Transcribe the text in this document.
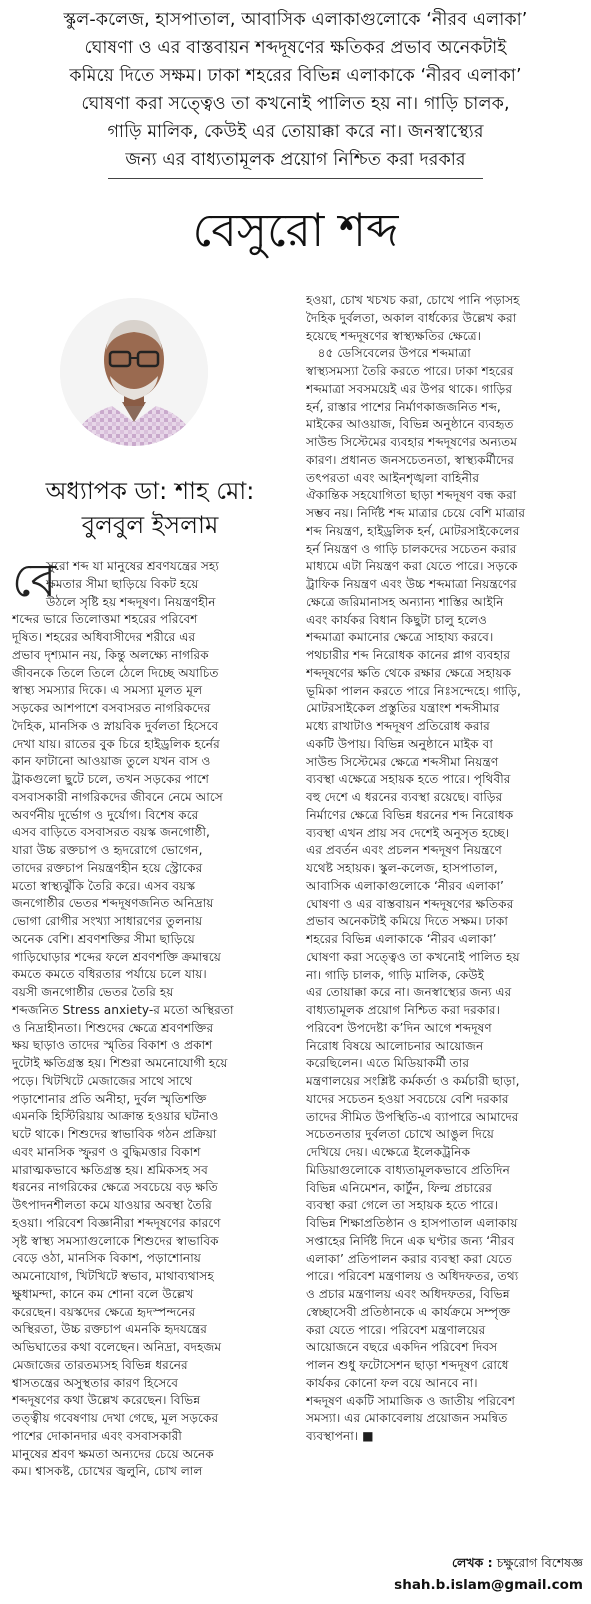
স্কুল-কলেজ, হাসপাতাল, আবাসিক এলাকাগুলোকে ‘নীরব এলাকা’
ঘোষণা ও এর বাস্তবায়ন শব্দদূষণের ক্ষতিকর প্রভাব অনেকটাই
কমিয়ে দিতে সক্ষম। ঢাকা শহরের বিভিন্ন এলাকাকে ‘নীরব এলাকা’
ঘোষণা করা সত্ত্বেও তা কখনোই পালিত হয় না। গাড়ি চালক,
গাড়ি মালিক, কেউই এর তোয়াক্কা করে না। জনস্বাস্থ্যের
জন্য এর বাধ্যতামূলক প্রয়োগ নিশ্চিত করা দরকার
বেসুরো শব্দ
অধ্যাপক ডা: শাহ মো:
বুলবুল ইসলাম
বে
সুরো শব্দ যা মানুষের শ্রবণযন্ত্রের সহ্য
ক্ষমতার সীমা ছাড়িয়ে বিকট হয়ে
উঠলে সৃষ্টি হয় শব্দদূষণ। নিয়ন্ত্রণহীন
শব্দের ভারে তিলোত্তমা শহরের পরিবেশ
দূষিত। শহরের অধিবাসীদের শরীরে এর
প্রভাব দৃশ্যমান নয়, কিন্তু অলক্ষ্যে নাগরিক
জীবনকে তিলে তিলে ঠেলে দিচ্ছে অযাচিত
স্বাস্থ্য সমস্যার দিকে। এ সমস্যা মূলত মূল
সড়কের আশপাশে বসবাসরত নাগরিকদের
দৈহিক, মানসিক ও স্নায়বিক দুর্বলতা হিসেবে
দেখা যায়। রাতের বুক চিরে হাইড্রলিক হর্নের
কান ফাটানো আওয়াজ তুলে যখন বাস ও
ট্রাকগুলো ছুটে চলে, তখন সড়কের পাশে
বসবাসকারী নাগরিকদের জীবনে নেমে আসে
অবর্ণনীয় দুর্ভোগ ও দুর্যোগ। বিশেষ করে
এসব বাড়িতে বসবাসরত বয়স্ক জনগোষ্ঠী,
যারা উচ্চ রক্তচাপ ও হৃদরোগে ভোগেন,
তাদের রক্তচাপ নিয়ন্ত্রণহীন হয়ে স্ট্রোকের
মতো স্বাস্থ্যঝুঁকি তৈরি করে। এসব বয়স্ক
জনগোষ্ঠীর ভেতর শব্দদূষণজনিত অনিদ্রায়
ভোগা রোগীর সংখ্যা সাধারণের তুলনায়
অনেক বেশি। শ্রবণশক্তির সীমা ছাড়িয়ে
গাড়িঘোড়ার শব্দের ফলে শ্রবণশক্তি ক্রমান্বয়ে
কমতে কমতে বধিরতার পর্যায়ে চলে যায়।
বয়সী জনগোষ্ঠীর ভেতর তৈরি হয়
শব্দজনিত Stress anxiety-র মতো অস্থিরতা
ও নিদ্রাহীনতা। শিশুদের ক্ষেত্রে শ্রবণশক্তির
ক্ষয় ছাড়াও তাদের স্মৃতির বিকাশ ও প্রকাশ
দুটোই ক্ষতিগ্রস্ত হয়। শিশুরা অমনোযোগী হয়ে
পড়ে। খিটখিটে মেজাজের সাথে সাথে
পড়াশোনার প্রতি অনীহা, দুর্বল স্মৃতিশক্তি
এমনকি হিস্টিরিয়ায় আক্রান্ত হওয়ার ঘটনাও
ঘটে থাকে। শিশুদের স্বাভাবিক গঠন প্রক্রিয়া
এবং মানসিক স্ফুরণ ও বুদ্ধিমত্তার বিকাশ
মারাত্মকভাবে ক্ষতিগ্রস্ত হয়। শ্রমিকসহ সব
ধরনের নাগরিকের ক্ষেত্রে সবচেয়ে বড় ক্ষতি
উৎপাদনশীলতা কমে যাওয়ার অবস্থা তৈরি
হওয়া। পরিবেশ বিজ্ঞানীরা শব্দদূষণের কারণে
সৃষ্ট স্বাস্থ্য সমস্যাগুলোকে শিশুদের স্বাভাবিক
বেড়ে ওঠা, মানসিক বিকাশ, পড়াশোনায়
অমনোযোগ, খিটখিটে স্বভাব, মাথাব্যথাসহ
ক্ষুধামন্দা, কানে কম শোনা বলে উল্লেখ
করেছেন। বয়স্কদের ক্ষেত্রে হৃদস্পন্দনের
অস্থিরতা, উচ্চ রক্তচাপ এমনকি হৃদযন্ত্রের
অভিঘাতের কথা বলেছেন। অনিদ্রা, বদহজম
মেজাজের তারতম্যসহ বিভিন্ন ধরনের
শ্বাসতন্ত্রের অসুস্থতার কারণ হিসেবে
শব্দদূষণের কথা উল্লেখ করেছেন। বিভিন্ন
তত্ত্বীয় গবেষণায় দেখা গেছে, মূল সড়কের
পাশের দোকানদার এবং বসবাসকারী
মানুষের শ্রবণ ক্ষমতা অন্যদের চেয়ে অনেক
কম। শ্বাসকষ্ট, চোখের জ্বলুনি, চোখ লাল
হওয়া, চোখ খচখচ করা, চোখে পানি পড়াসহ
দৈহিক দুর্বলতা, অকাল বার্ধক্যের উল্লেখ করা
হয়েছে শব্দদূষণের স্বাস্থ্যক্ষতির ক্ষেত্রে।
৪৫ ডেসিবেলের উপরে শব্দমাত্রা
স্বাস্থ্যসমস্যা তৈরি করতে পারে। ঢাকা শহরের
শব্দমাত্রা সবসময়েই এর উপর থাকে। গাড়ির
হর্ন, রাস্তার পাশের নির্মাণকাজজনিত শব্দ,
মাইকের আওয়াজ, বিভিন্ন অনুষ্ঠানে ব্যবহৃত
সাউন্ড সিস্টেমের ব্যবহার শব্দদূষণের অন্যতম
কারণ। প্রধানত জনসচেতনতা, স্বাস্থ্যকর্মীদের
তৎপরতা এবং আইনশৃঙ্খলা বাহিনীর
ঐকান্তিক সহযোগিতা ছাড়া শব্দদূষণ বন্ধ করা
সম্ভব নয়। নির্দিষ্ট শব্দ মাত্রার চেয়ে বেশি মাত্রার
শব্দ নিয়ন্ত্রণ, হাইড্রলিক হর্ন, মোটরসাইকেলের
হর্ন নিয়ন্ত্রণ ও গাড়ি চালকদের সচেতন করার
মাধ্যমে এটা নিয়ন্ত্রণ করা যেতে পারে। সড়কে
ট্রাফিক নিয়ন্ত্রণ এবং উচ্চ শব্দমাত্রা নিয়ন্ত্রণের
ক্ষেত্রে জরিমানাসহ অন্যান্য শাস্তির আইনি
এবং কার্যকর বিধান কিছুটা চালু হলেও
শব্দমাত্রা কমানোর ক্ষেত্রে সাহায্য করবে।
পথচারীর শব্দ নিরোধক কানের প্লাগ ব্যবহার
শব্দদূষণের ক্ষতি থেকে রক্ষার ক্ষেত্রে সহায়ক
ভূমিকা পালন করতে পারে নিঃসন্দেহে। গাড়ি,
মোটরসাইকেল প্রস্তুতির যন্ত্রাংশ শব্দসীমার
মধ্যে রাখাটাও শব্দদূষণ প্রতিরোধ করার
একটি উপায়। বিভিন্ন অনুষ্ঠানে মাইক বা
সাউন্ড সিস্টেমের ক্ষেত্রে শব্দসীমা নিয়ন্ত্রণ
ব্যবস্থা এক্ষেত্রে সহায়ক হতে পারে। পৃথিবীর
বহু দেশে এ ধরনের ব্যবস্থা রয়েছে। বাড়ির
নির্মাণের ক্ষেত্রে বিভিন্ন ধরনের শব্দ নিরোধক
ব্যবস্থা এখন প্রায় সব দেশেই অনুসৃত হচ্ছে।
এর প্রবর্তন এবং প্রচলন শব্দদূষণ নিয়ন্ত্রণে
যথেষ্ট সহায়ক। স্কুল-কলেজ, হাসপাতাল,
আবাসিক এলাকাগুলোকে ‘নীরব এলাকা’
ঘোষণা ও এর বাস্তবায়ন শব্দদূষণের ক্ষতিকর
প্রভাব অনেকটাই কমিয়ে দিতে সক্ষম। ঢাকা
শহরের বিভিন্ন এলাকাকে ‘নীরব এলাকা’
ঘোষণা করা সত্ত্বেও তা কখনোই পালিত হয়
না। গাড়ি চালক, গাড়ি মালিক, কেউই
এর তোয়াক্কা করে না। জনস্বাস্থ্যের জন্য এর
বাধ্যতামূলক প্রয়োগ নিশ্চিত করা দরকার।
পরিবেশ উপদেষ্টা ক’দিন আগে শব্দদূষণ
নিরোধ বিষয়ে আলোচনার আয়োজন
করেছিলেন। এতে মিডিয়াকর্মী তার
মন্ত্রণালয়ের সংশ্লিষ্ট কর্মকর্তা ও কর্মচারী ছাড়া,
যাদের সচেতন হওয়া সবচেয়ে বেশি দরকার
তাদের সীমিত উপস্থিতি-এ ব্যাপারে আমাদের
সচেতনতার দুর্বলতা চোখে আঙুল দিয়ে
দেখিয়ে দেয়। এক্ষেত্রে ইলেকট্রনিক
মিডিয়াগুলোকে বাধ্যতামূলকভাবে প্রতিদিন
বিভিন্ন এনিমেশন, কার্টুন, ফিল্ম প্রচারের
ব্যবস্থা করা গেলে তা সহায়ক হতে পারে।
বিভিন্ন শিক্ষাপ্রতিষ্ঠান ও হাসপাতাল এলাকায়
সপ্তাহের নির্দিষ্ট দিনে এক ঘণ্টার জন্য ‘নীরব
এলাকা’ প্রতিপালন করার ব্যবস্থা করা যেতে
পারে। পরিবেশ মন্ত্রণালয় ও অধিদফতর, তথ্য
ও প্রচার মন্ত্রণালয় এবং অধিদফতর, বিভিন্ন
স্বেচ্ছাসেবী প্রতিষ্ঠানকে এ কার্যক্রমে সম্পৃক্ত
করা যেতে পারে। পরিবেশ মন্ত্রণালয়ের
আয়োজনে বছরে একদিন পরিবেশ দিবস
পালন শুধু ফটোসেশন ছাড়া শব্দদূষণ রোধে
কার্যকর কোনো ফল বয়ে আনবে না।
শব্দদূষণ একটি সামাজিক ও জাতীয় পরিবেশ
সমস্যা। এর মোকাবেলায় প্রয়োজন সমন্বিত
ব্যবস্থাপনা। ■
লেখক : চক্ষুরোগ বিশেষজ্ঞ
shah.b.islam@gmail.com
